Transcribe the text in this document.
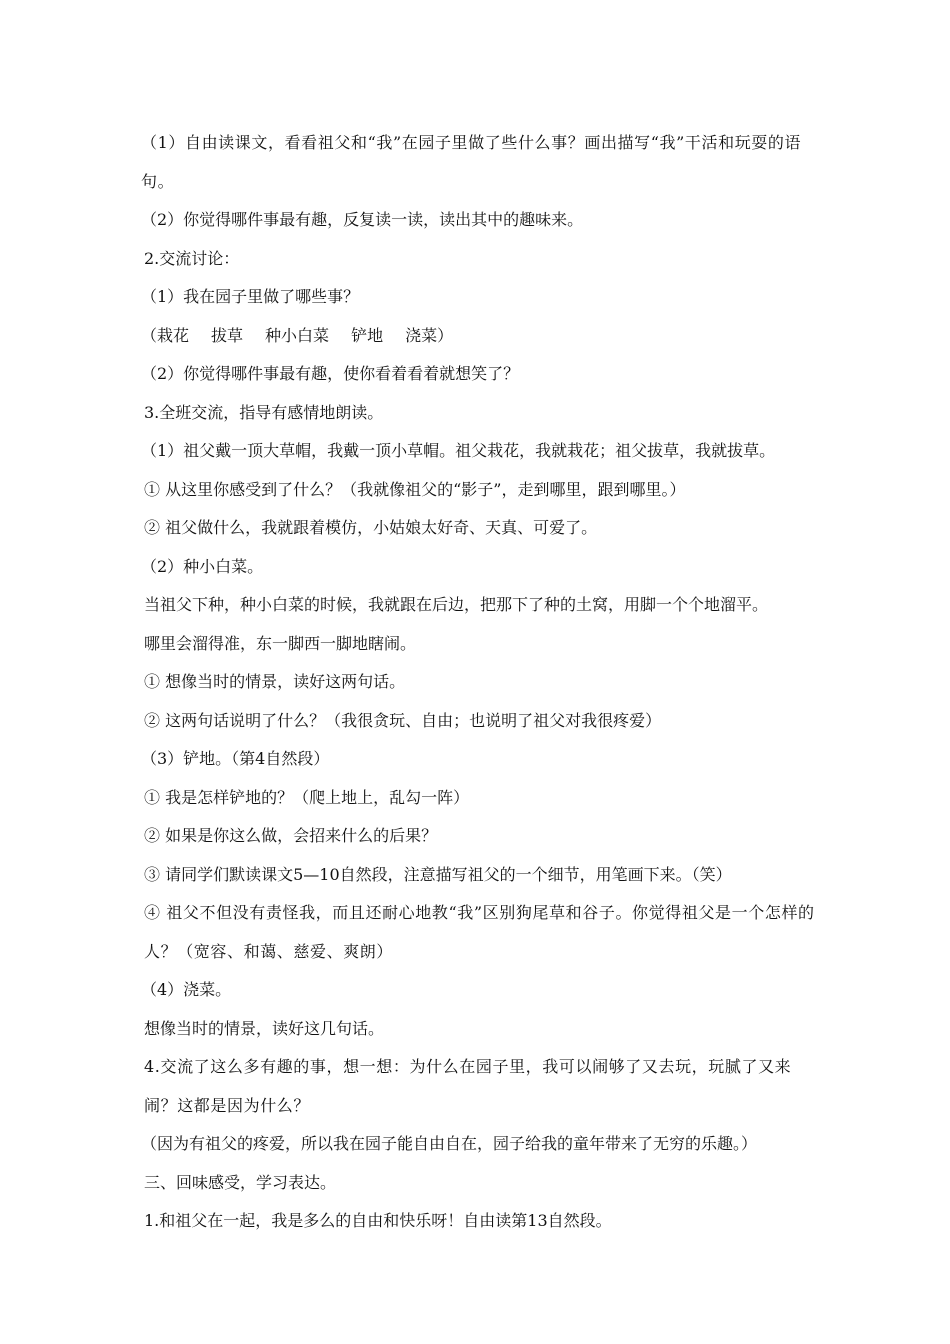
（1）自由读课文，看看祖父和“我”在园子里做了些什么事？画出描写“我”干活和玩耍的语句。
（2）你觉得哪件事最有趣，反复读一读，读出其中的趣味来。
2.交流讨论：
（1）我在园子里做了哪些事？
（栽花 拔草 种小白菜 铲地 浇菜）
（2）你觉得哪件事最有趣，使你看着看着就想笑了？
3.全班交流，指导有感情地朗读。
（1）祖父戴一顶大草帽，我戴一顶小草帽。祖父栽花，我就栽花；祖父拔草，我就拔草。
① 从这里你感受到了什么？（我就像祖父的“影子”，走到哪里，跟到哪里。）
② 祖父做什么，我就跟着模仿，小姑娘太好奇、天真、可爱了。
（2）种小白菜。
当祖父下种，种小白菜的时候，我就跟在后边，把那下了种的土窝，用脚一个个地溜平。
哪里会溜得准，东一脚西一脚地瞎闹。
① 想像当时的情景，读好这两句话。
② 这两句话说明了什么？（我很贪玩、自由；也说明了祖父对我很疼爱）
（3）铲地。（第4自然段）
① 我是怎样铲地的？（爬上地上，乱勾一阵）
② 如果是你这么做，会招来什么的后果？
③ 请同学们默读课文5—10自然段，注意描写祖父的一个细节，用笔画下来。（笑）
④ 祖父不但没有责怪我，而且还耐心地教“我”区别狗尾草和谷子。你觉得祖父是一个怎样的人？（宽容、和蔼、慈爱、爽朗）
（4）浇菜。
想像当时的情景，读好这几句话。
4.交流了这么多有趣的事，想一想：为什么在园子里，我可以闹够了又去玩，玩腻了又来闹？这都是因为什么？
（因为有祖父的疼爱，所以我在园子能自由自在，园子给我的童年带来了无穷的乐趣。）
三、回味感受，学习表达。
1.和祖父在一起，我是多么的自由和快乐呀！自由读第13自然段。
